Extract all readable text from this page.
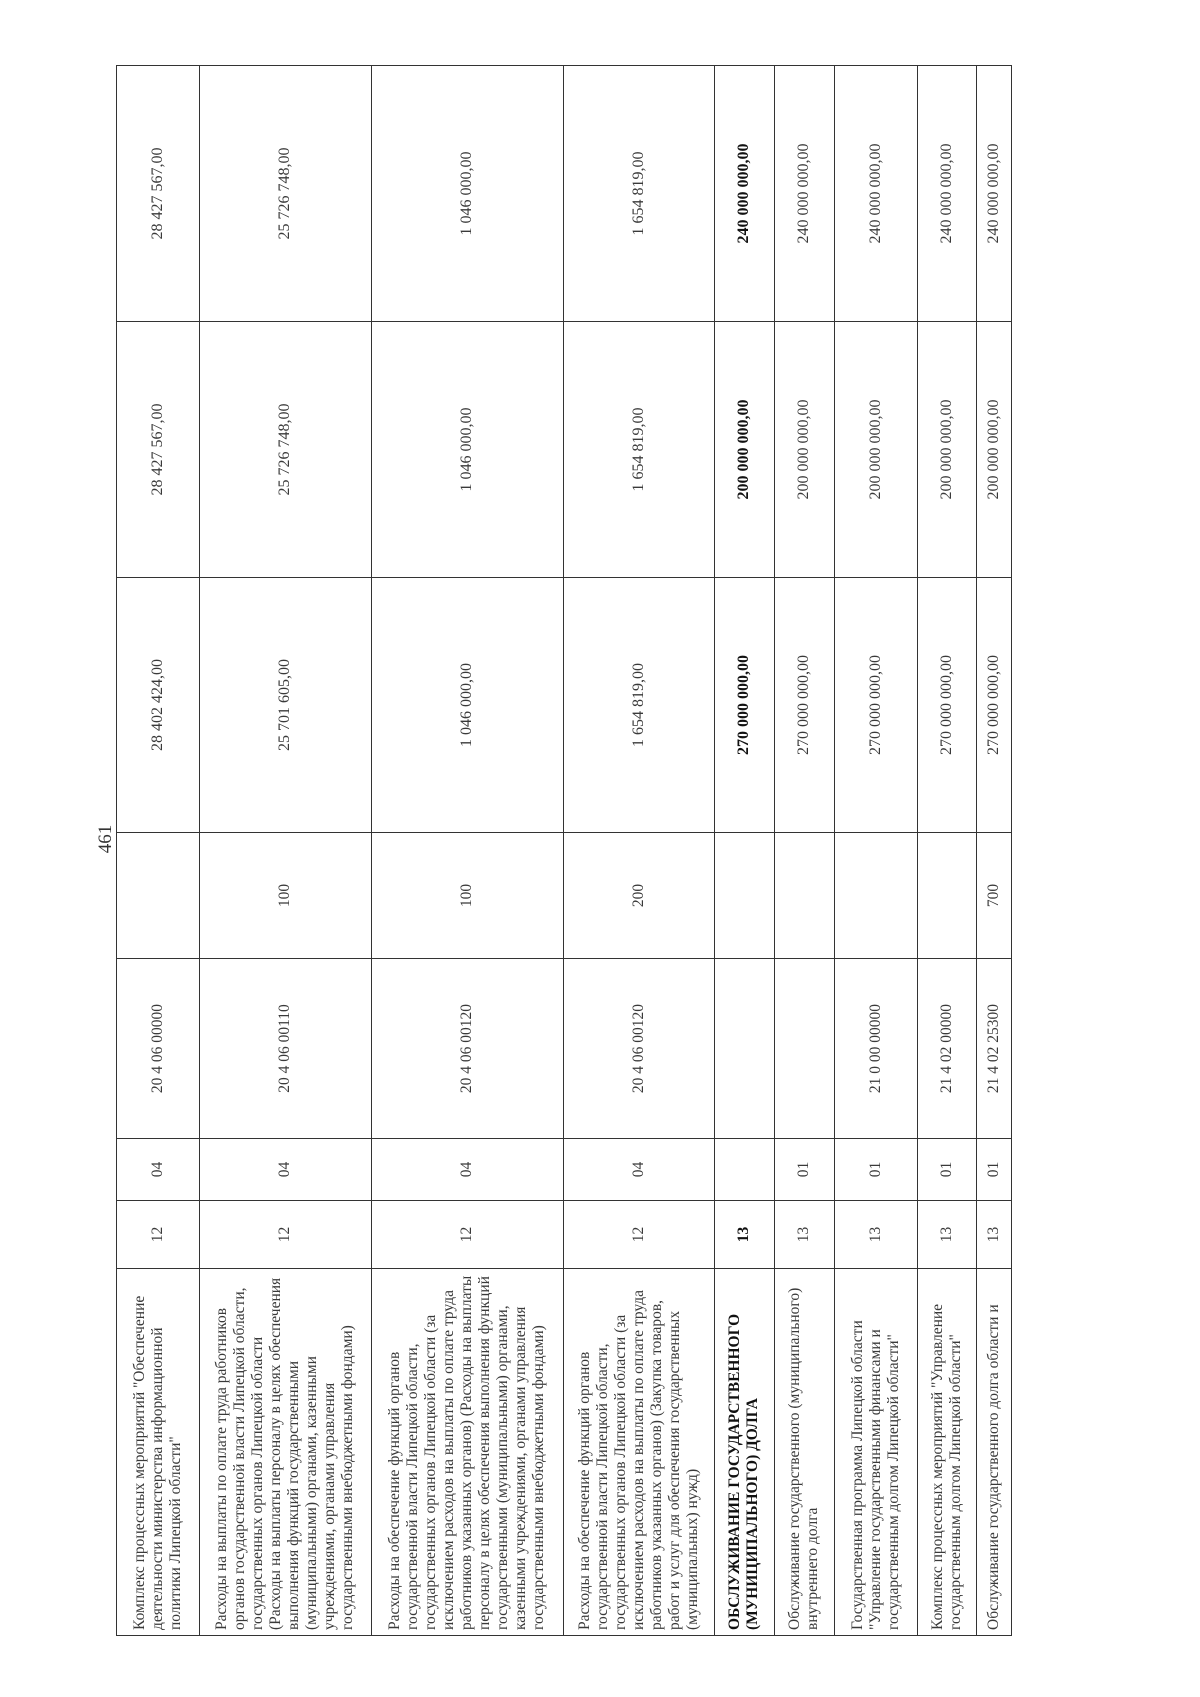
461
Комплекс процессных мероприятий "Обеспечение деятельности министерства информационной политики Липецкой области"	12	04	20 4 06 00000		28 402 424,00	28 427 567,00	28 427 567,00
Расходы на выплаты по оплате труда работников органов государственной власти Липецкой области, государственных органов Липецкой области (Расходы на выплаты персоналу в целях обеспечения выполнения функций государственными (муниципальными) органами, казенными учреждениями, органами управления государственными внебюджетными фондами)	12	04	20 4 06 00110	100	25 701 605,00	25 726 748,00	25 726 748,00
Расходы на обеспечение функций органов государственной власти Липецкой области, государственных органов Липецкой области (за исключением расходов на выплаты по оплате труда работников указанных органов) (Расходы на выплаты персоналу в целях обеспечения выполнения функций государственными (муниципальными) органами, казенными учреждениями, органами управления государственными внебюджетными фондами)	12	04	20 4 06 00120	100	1 046 000,00	1 046 000,00	1 046 000,00
Расходы на обеспечение функций органов государственной власти Липецкой области, государственных органов Липецкой области (за исключением расходов на выплаты по оплате труда работников указанных органов) (Закупка товаров, работ и услуг для обеспечения государственных (муниципальных) нужд)	12	04	20 4 06 00120	200	1 654 819,00	1 654 819,00	1 654 819,00
ОБСЛУЖИВАНИЕ ГОСУДАРСТВЕННОГО (МУНИЦИПАЛЬНОГО) ДОЛГА	13				270 000 000,00	200 000 000,00	240 000 000,00
Обслуживание государственного (муниципального) внутреннего долга	13	01			270 000 000,00	200 000 000,00	240 000 000,00
Государственная программа Липецкой области "Управление государственными финансами и государственным долгом Липецкой области"	13	01	21 0 00 00000		270 000 000,00	200 000 000,00	240 000 000,00
Комплекс процессных мероприятий "Управление государственным долгом Липецкой области"	13	01	21 4 02 00000		270 000 000,00	200 000 000,00	240 000 000,00
Обслуживание государственного долга области и	13	01	21 4 02 25300	700	270 000 000,00	200 000 000,00	240 000 000,00
